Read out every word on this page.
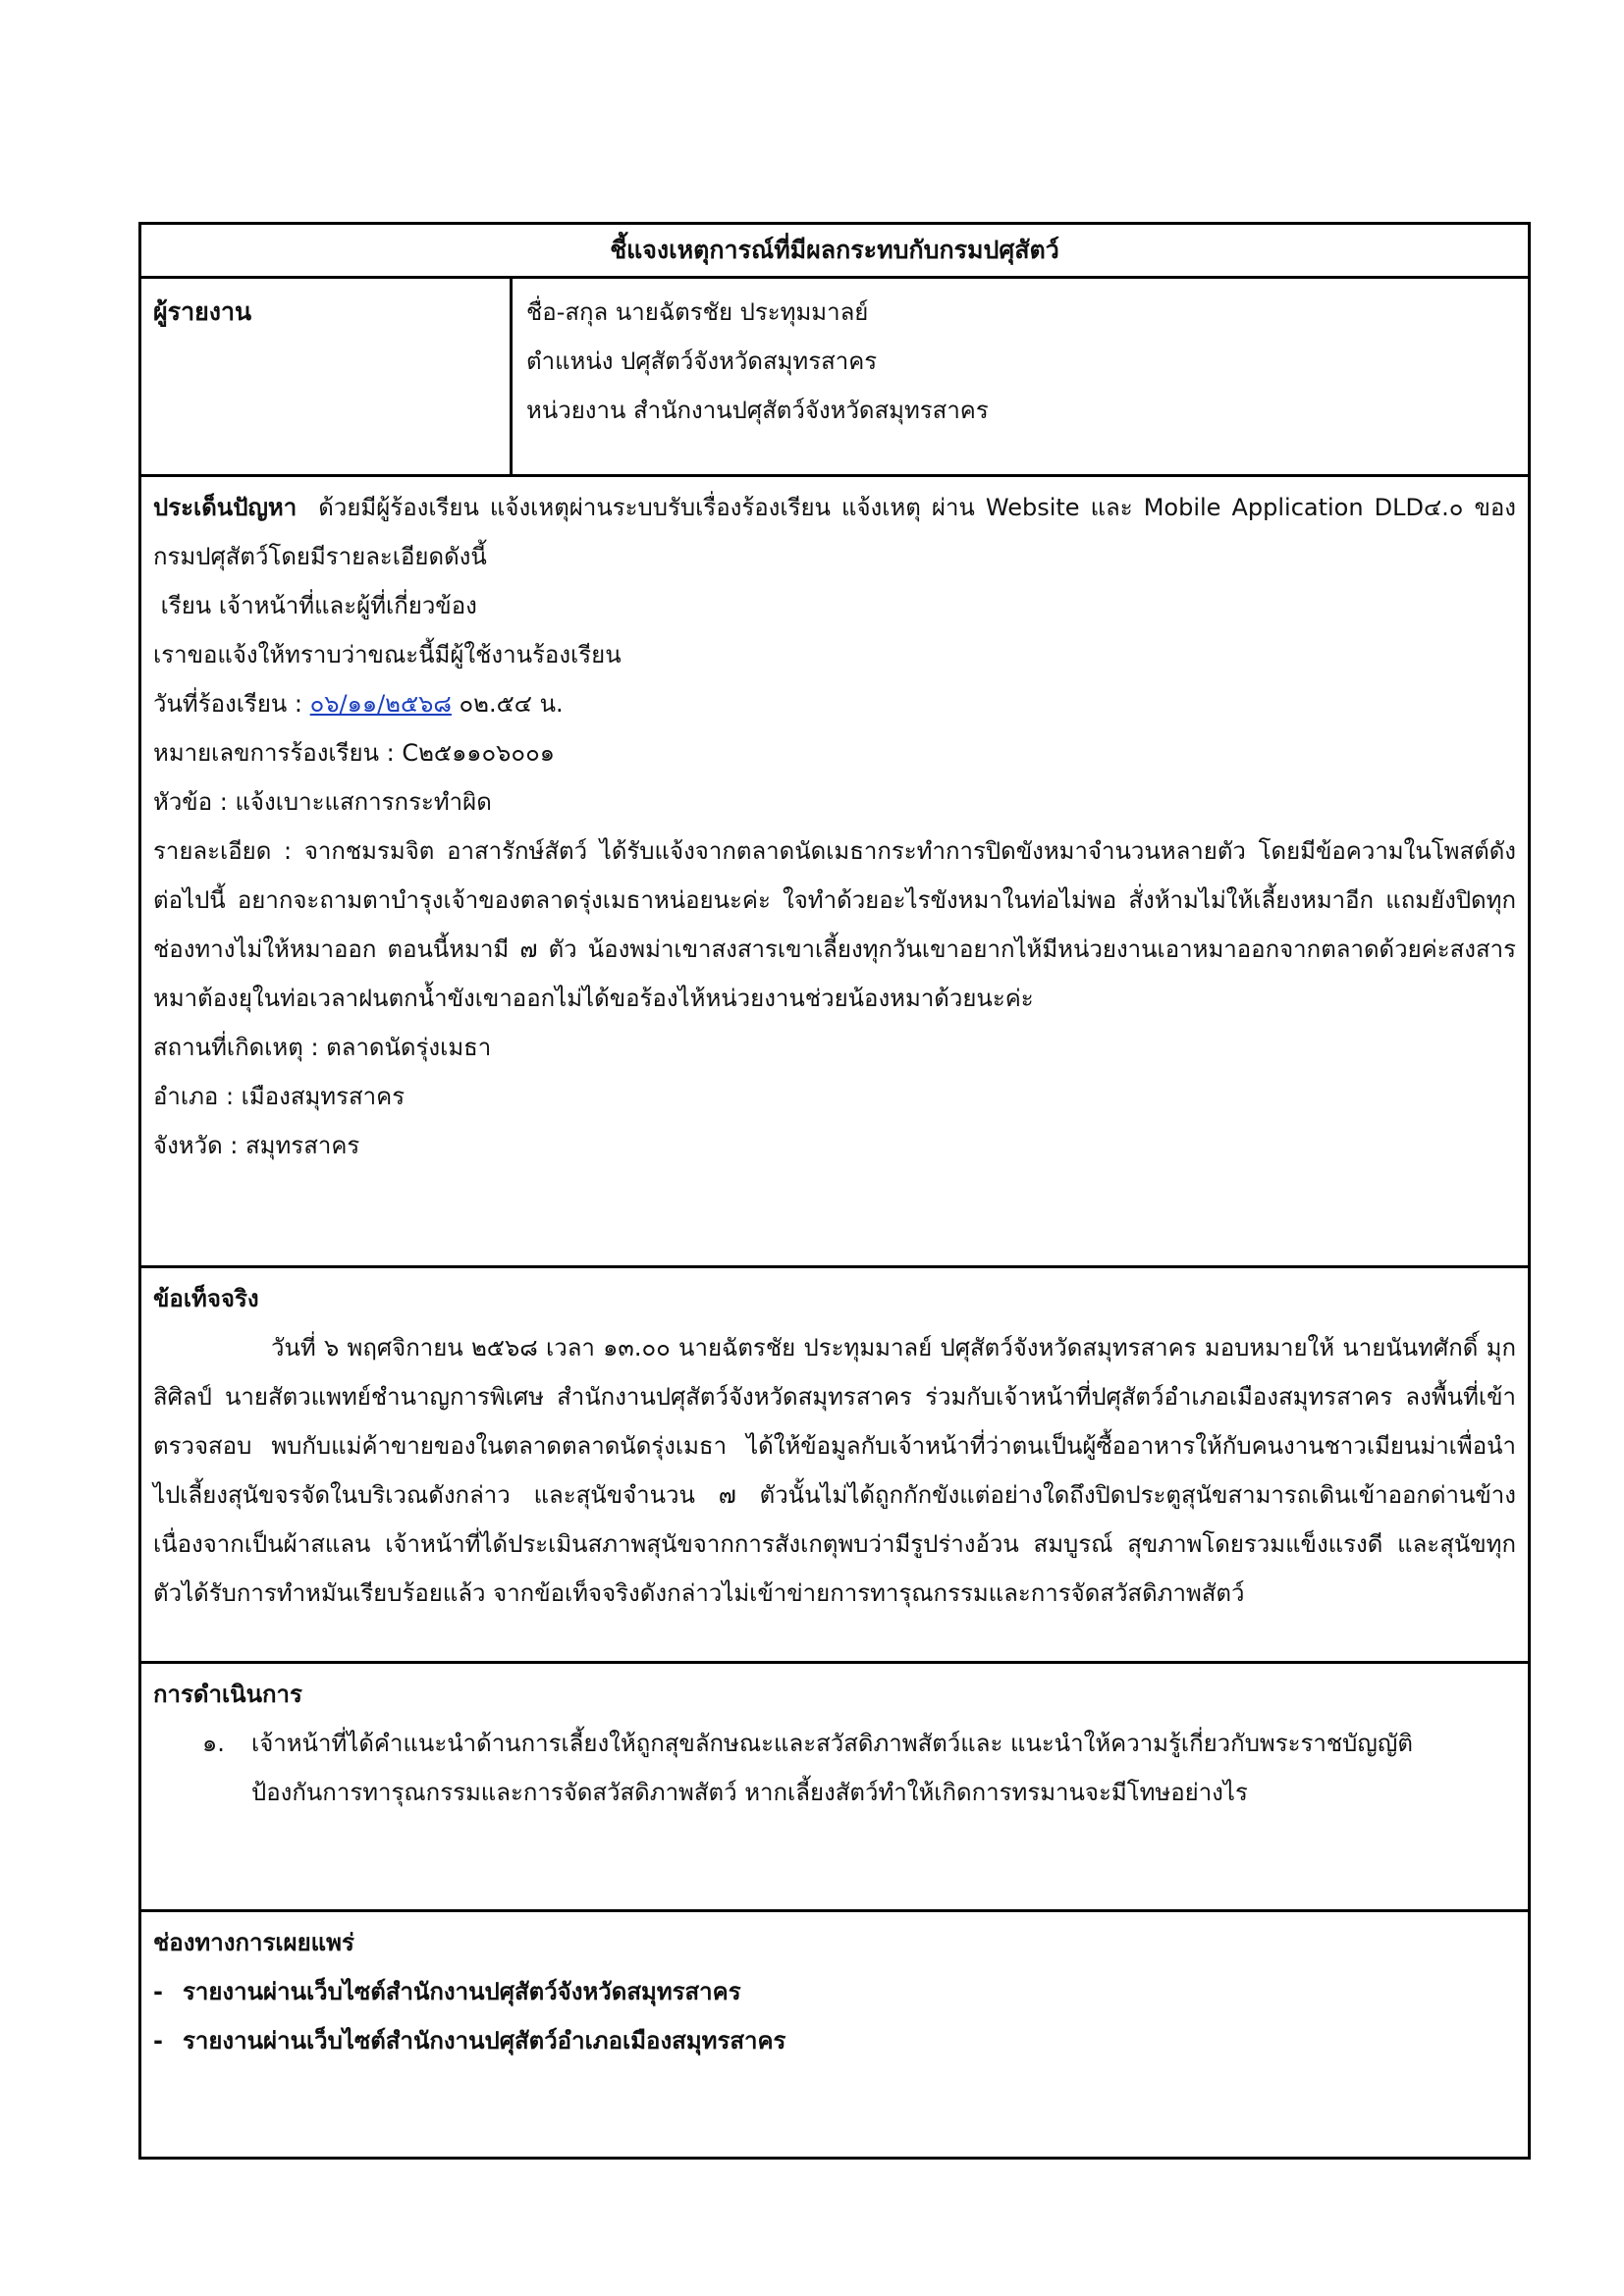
ชี้แจงเหตุการณ์ที่มีผลกระทบกับกรมปศุสัตว์
ผู้รายงาน	ชื่อ-สกุล นายฉัตรชัย ประทุมมาลย์
ตำแหน่ง ปศุสัตว์จังหวัดสมุทรสาคร
หน่วยงาน สำนักงานปศุสัตว์จังหวัดสมุทรสาคร
ประเด็นปัญหา ด้วยมีผู้ร้องเรียน แจ้งเหตุผ่านระบบรับเรื่องร้องเรียน แจ้งเหตุ ผ่าน Website และ Mobile Application DLD๔.๐ ของ กรมปศุสัตว์โดยมีรายละเอียดดังนี้
เรียน เจ้าหน้าที่และผู้ที่เกี่ยวข้อง
เราขอแจ้งให้ทราบว่าขณะนี้มีผู้ใช้งานร้องเรียน
วันที่ร้องเรียน : ๐๖/๑๑/๒๕๖๘ ๐๒.๕๔ น.
หมายเลขการร้องเรียน : C๒๕๑๑๐๖๐๐๑
หัวข้อ : แจ้งเบาะแสการกระทำผิด
รายละเอียด : จากชมรมจิต อาสารักษ์สัตว์ ได้รับแจ้งจากตลาดนัดเมธากระทำการปิดขังหมาจำนวนหลายตัว โดยมีข้อความในโพสต์ดังต่อไปนี้ อยากจะถามตาบำรุงเจ้าของตลาดรุ่งเมธาหน่อยนะค่ะ ใจทำด้วยอะไรขังหมาในท่อไม่พอ สั่งห้ามไม่ให้เลี้ยงหมาอีก แถมยังปิดทุกช่องทางไม่ให้หมาออก ตอนนี้หมามี ๗ ตัว น้องพม่าเขาสงสารเขาเลี้ยงทุกวันเขาอยากไห้มีหน่วยงานเอาหมาออกจากตลาดด้วยค่ะสงสารหมาต้องยุในท่อเวลาฝนตกน้ำขังเขาออกไม่ได้ขอร้องไห้หน่วยงานช่วยน้องหมาด้วยนะค่ะ
สถานที่เกิดเหตุ : ตลาดนัดรุ่งเมธา
อำเภอ : เมืองสมุทรสาคร
จังหวัด : สมุทรสาคร
ข้อเท็จจริง
วันที่ ๖ พฤศจิกายน ๒๕๖๘ เวลา ๑๓.๐๐ นายฉัตรชัย ประทุมมาลย์ ปศุสัตว์จังหวัดสมุทรสาคร มอบหมายให้ นายนันทศักดิ์ มุกสิศิลป์ นายสัตวแพทย์ชำนาญการพิเศษ สำนักงานปศุสัตว์จังหวัดสมุทรสาคร ร่วมกับเจ้าหน้าที่ปศุสัตว์อำเภอเมืองสมุทรสาคร ลงพื้นที่เข้าตรวจสอบ พบกับแม่ค้าขายของในตลาดตลาดนัดรุ่งเมธา ได้ให้ข้อมูลกับเจ้าหน้าที่ว่าตนเป็นผู้ซื้ออาหารให้กับคนงานชาวเมียนม่าเพื่อนำไปเลี้ยงสุนัขจรจัดในบริเวณดังกล่าว และสุนัขจำนวน ๗ ตัวนั้นไม่ได้ถูกกักขังแต่อย่างใดถึงปิดประตูสุนัขสามารถเดินเข้าออกด่านข้างเนื่องจากเป็นผ้าสแลน เจ้าหน้าที่ได้ประเมินสภาพสุนัขจากการสังเกตุพบว่ามีรูปร่างอ้วน สมบูรณ์ สุขภาพโดยรวมแข็งแรงดี และสุนัขทุกตัวได้รับการทำหมันเรียบร้อยแล้ว จากข้อเท็จจริงดังกล่าวไม่เข้าข่ายการทารุณกรรมและการจัดสวัสดิภาพสัตว์
การดำเนินการ
๑.	เจ้าหน้าที่ได้คำแนะนำด้านการเลี้ยงให้ถูกสุขลักษณะและสวัสดิภาพสัตว์และ แนะนำให้ความรู้เกี่ยวกับพระราชบัญญัติ ป้องกันการทารุณกรรมและการจัดสวัสดิภาพสัตว์ หากเลี้ยงสัตว์ทำให้เกิดการทรมานจะมีโทษอย่างไร
ช่องทางการเผยแพร่
- รายงานผ่านเว็บไซต์สำนักงานปศุสัตว์จังหวัดสมุทรสาคร
- รายงานผ่านเว็บไซต์สำนักงานปศุสัตว์อำเภอเมืองสมุทรสาคร
